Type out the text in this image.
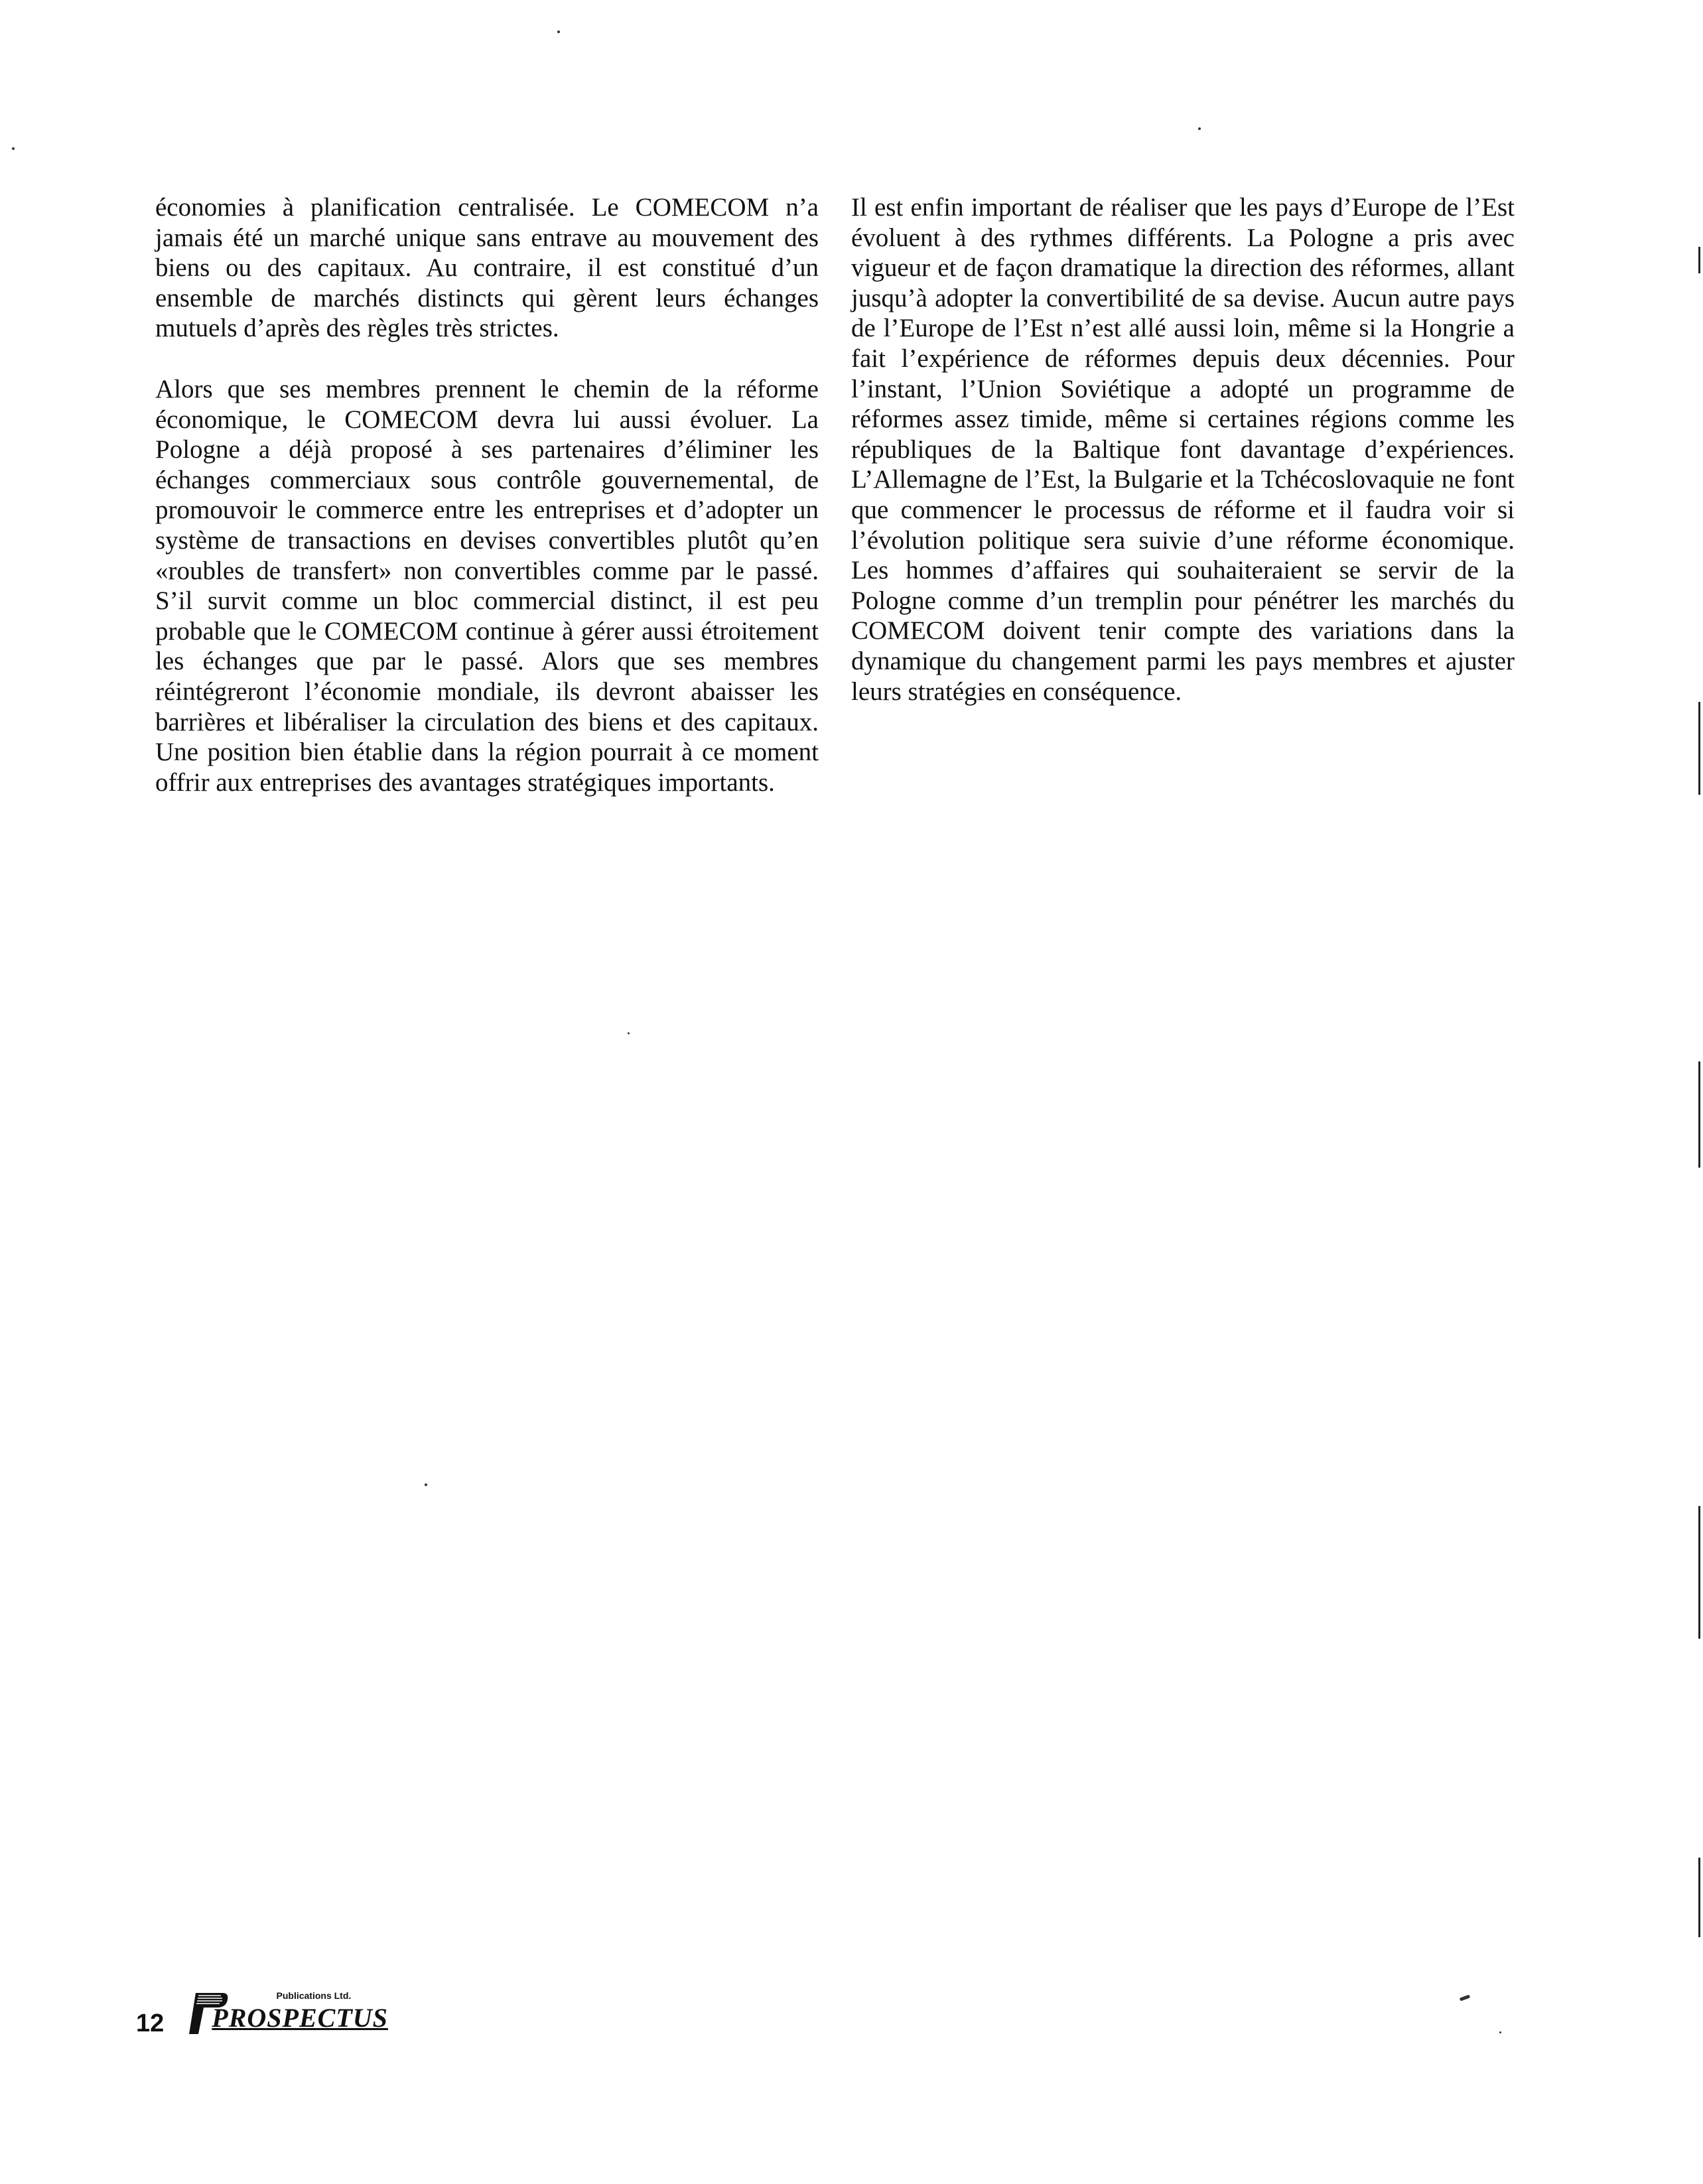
économies à planification centralisée. Le COMECOM n’a jamais été un marché unique sans entrave au mouvement des biens ou des capitaux. Au contraire, il est constitué d’un ensemble de marchés distincts qui gèrent leurs échanges mutuels d’après des règles très strictes.

Alors que ses membres prennent le chemin de la réforme économique, le COMECOM devra lui aussi évoluer. La Pologne a déjà proposé à ses partenaires d’éliminer les échanges commerciaux sous contrôle gouvernemental, de promouvoir le commerce entre les entreprises et d’adopter un système de transactions en devises convertibles plutôt qu’en «roubles de transfert» non convertibles comme par le passé. S’il survit comme un bloc commercial distinct, il est peu probable que le COMECOM continue à gérer aussi étroitement les échanges que par le passé. Alors que ses membres réintégreront l’économie mondiale, ils devront abaisser les barrières et libéraliser la circulation des biens et des capitaux. Une position bien établie dans la région pourrait à ce moment offrir aux entreprises des avantages stratégiques importants.

Il est enfin important de réaliser que les pays d’Europe de l’Est évoluent à des rythmes différents. La Pologne a pris avec vigueur et de façon dramatique la direction des réformes, allant jusqu’à adopter la convertibilité de sa devise. Aucun autre pays de l’Europe de l’Est n’est allé aussi loin, même si la Hongrie a fait l’expérience de réformes depuis deux décennies. Pour l’instant, l’Union Soviétique a adopté un programme de réformes assez timide, même si certaines régions comme les républiques de la Baltique font davantage d’expériences. L’Allemagne de l’Est, la Bulgarie et la Tchécoslovaquie ne font que commencer le processus de réforme et il faudra voir si l’évolution politique sera suivie d’une réforme économique. Les hommes d’affaires qui souhaiteraient se servir de la Pologne comme d’un tremplin pour pénétrer les marchés du COMECOM doivent tenir compte des variations dans la dynamique du changement parmi les pays membres et ajuster leurs stratégies en conséquence.

12
Publications Ltd.
PROSPECTUS
